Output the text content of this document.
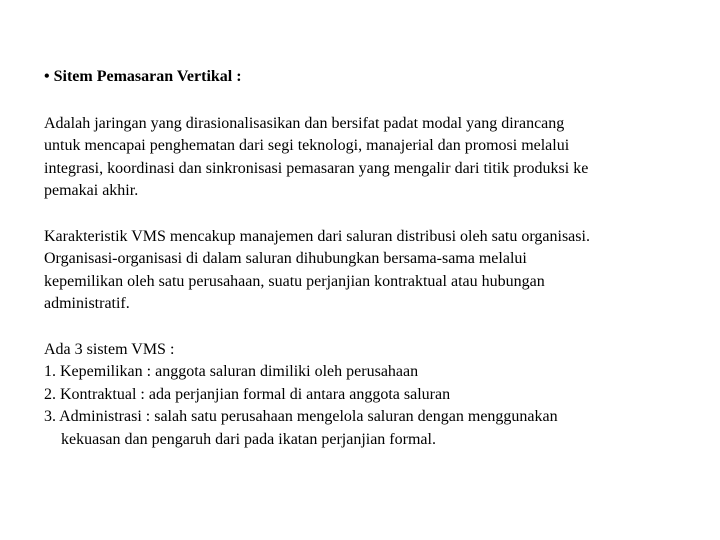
• Sitem Pemasaran Vertikal :
Adalah jaringan yang dirasionalisasikan dan bersifat padat modal yang dirancang
untuk mencapai penghematan dari segi teknologi, manajerial dan promosi melalui
integrasi, koordinasi dan sinkronisasi pemasaran yang mengalir dari titik produksi ke
pemakai akhir.
Karakteristik VMS mencakup manajemen dari saluran distribusi oleh satu organisasi.
Organisasi-organisasi di dalam saluran dihubungkan bersama-sama melalui
kepemilikan oleh satu perusahaan, suatu perjanjian kontraktual atau hubungan
administratif.
Ada 3 sistem VMS :
1. Kepemilikan : anggota saluran dimiliki oleh perusahaan
2. Kontraktual : ada perjanjian formal di antara anggota saluran
3. Administrasi : salah satu perusahaan mengelola saluran dengan menggunakan
kekuasan dan pengaruh dari pada ikatan perjanjian formal.
